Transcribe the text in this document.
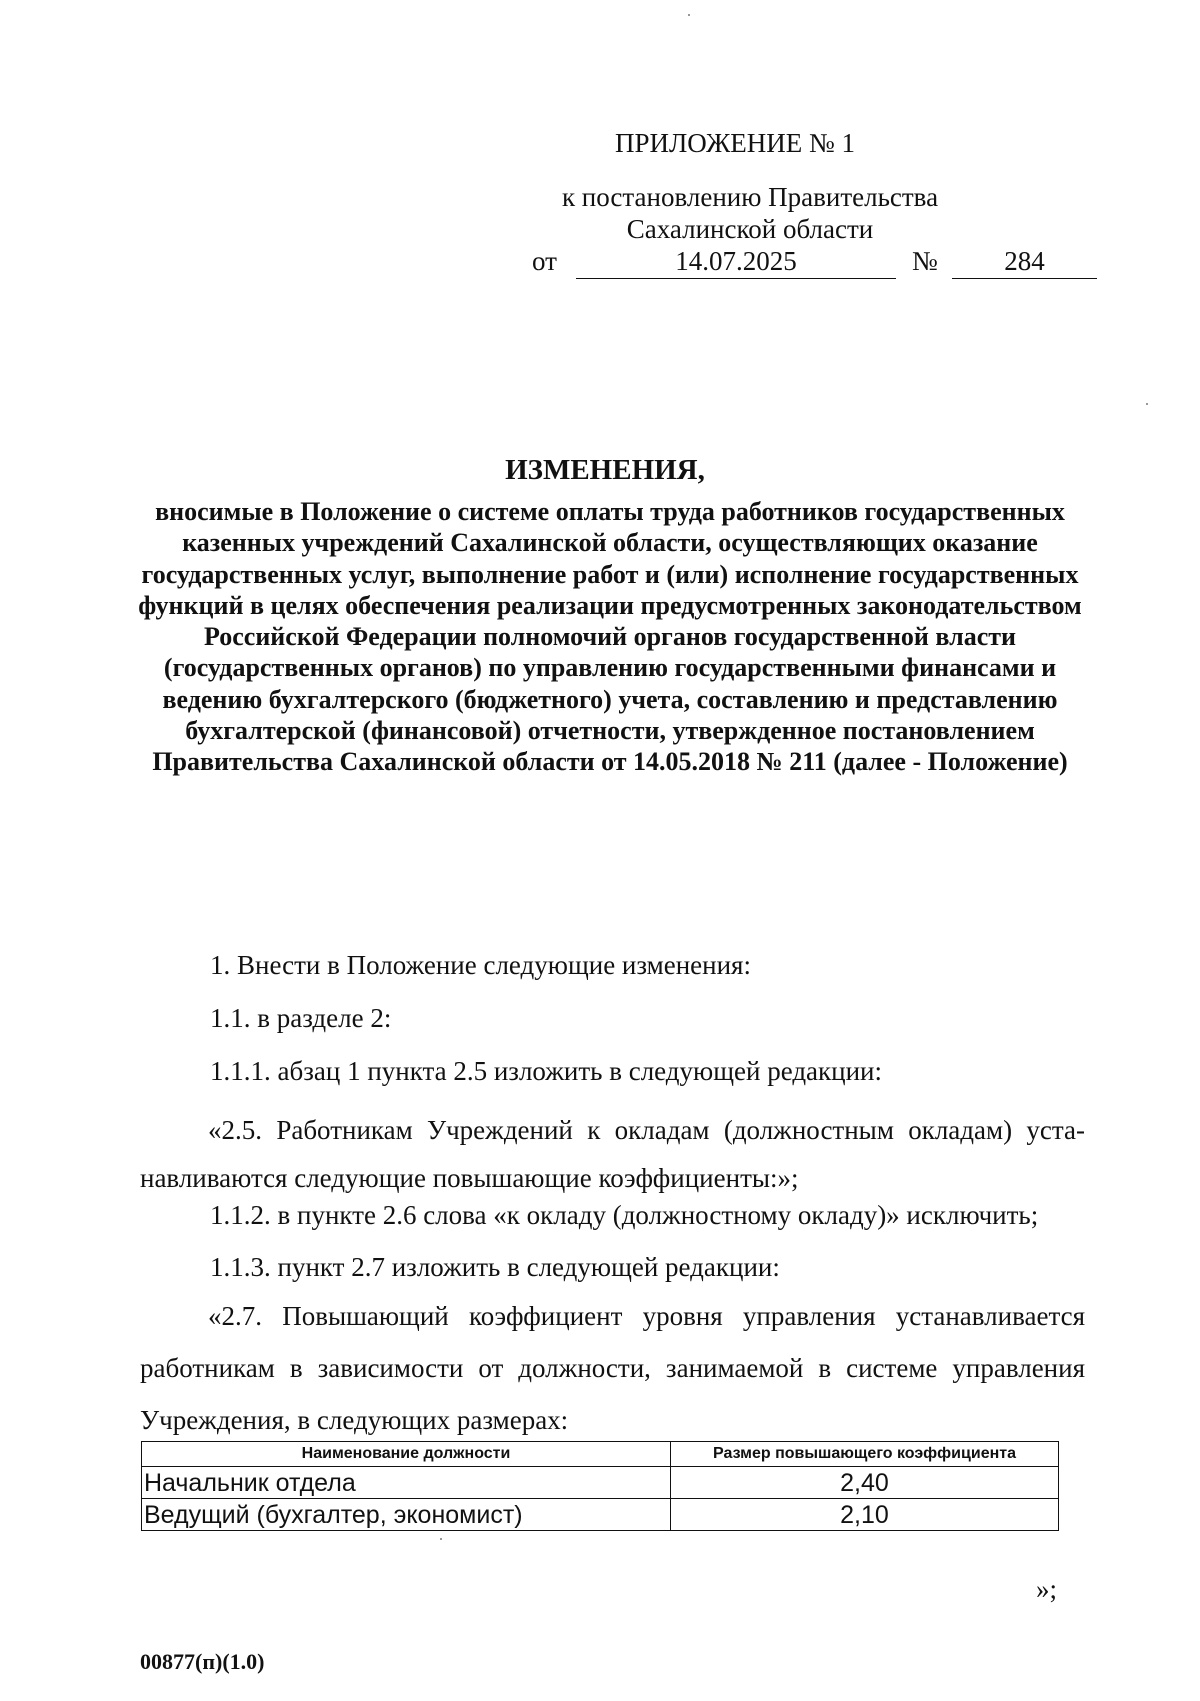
ПРИЛОЖЕНИЕ № 1
к постановлению Правительства
Сахалинской области
от	14.07.2025	№	284
ИЗМЕНЕНИЯ,
вносимые в Положение о системе оплаты труда работников государственных казенных учреждений Сахалинской области, осуществляющих оказание государственных услуг, выполнение работ и (или) исполнение государственных функций в целях обеспечения реализации предусмотренных законодательством Российской Федерации полномочий органов государственной власти (государственных органов) по управлению государственными финансами и ведению бухгалтерского (бюджетного) учета, составлению и представлению бухгалтерской (финансовой) отчетности, утвержденное постановлением Правительства Сахалинской области от 14.05.2018 № 211 (далее - Положение)
1. Внести в Положение следующие изменения:
1.1. в разделе 2:
1.1.1. абзац 1 пункта 2.5 изложить в следующей редакции:
«2.5. Работникам Учреждений к окладам (должностным окладам) устанавливаются следующие повышающие коэффициенты:»;
1.1.2. в пункте 2.6 слова «к окладу (должностному окладу)» исключить;
1.1.3. пункт 2.7 изложить в следующей редакции:
«2.7. Повышающий коэффициент уровня управления устанавливается работникам в зависимости от должности, занимаемой в системе управления Учреждения, в следующих размерах:
Наименование должности	Размер повышающего коэффициента
Начальник отдела	2,40
Ведущий (бухгалтер, экономист)	2,10
»;
00877(п)(1.0)
